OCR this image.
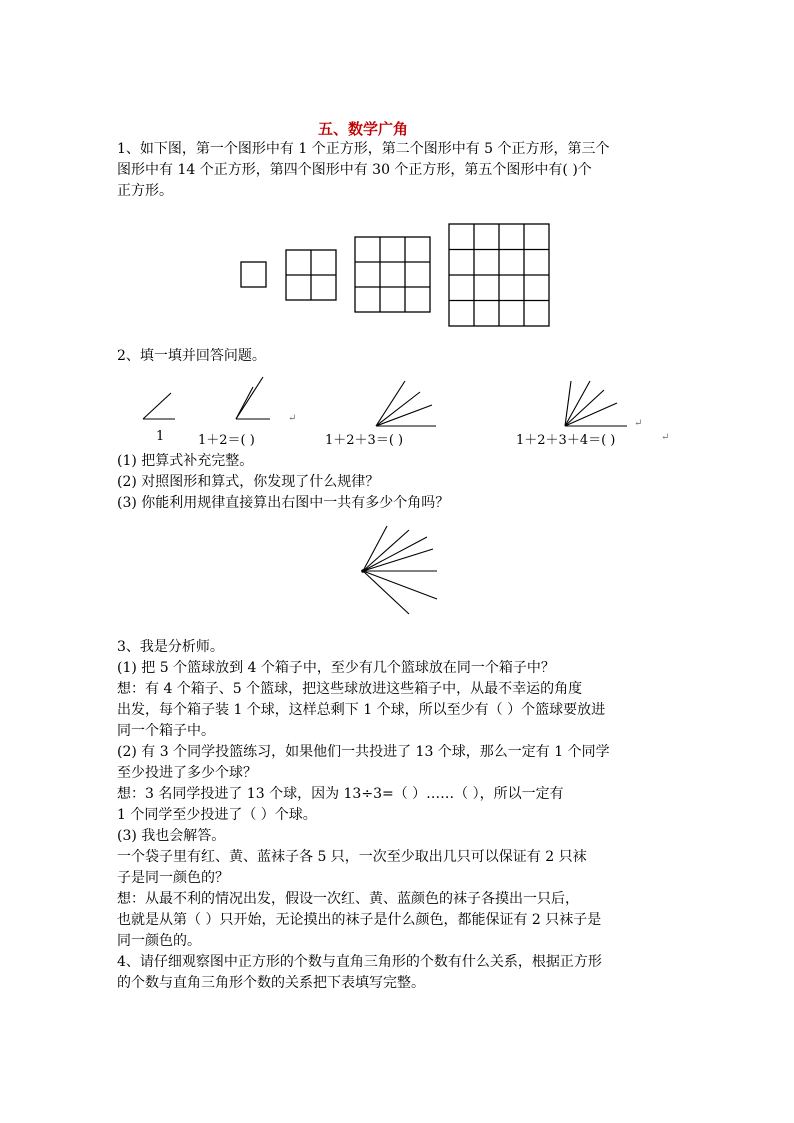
五、数学广角
1、如下图，第一个图形中有 1 个正方形，第二个图形中有 5 个正方形，第三个
图形中有 14 个正方形，第四个图形中有 30 个正方形，第五个图形中有( )个
正方形。
2、填一填并回答问题。
1	1＋2＝( )	1＋2＋3＝( )	1＋2＋3＋4＝( )
↵	↵
↵
(1) 把算式补充完整。
(2) 对照图形和算式，你发现了什么规律？
(3) 你能利用规律直接算出右图中一共有多少个角吗？
3、我是分析师。
(1) 把 5 个篮球放到 4 个箱子中，至少有几个篮球放在同一个箱子中？
想：有 4 个箱子、5 个篮球，把这些球放进这些箱子中，从最不幸运的角度
出发，每个箱子装 1 个球，这样总剩下 1 个球，所以至少有（ ）个篮球要放进
同一个箱子中。
(2) 有 3 个同学投篮练习，如果他们一共投进了 13 个球，那么一定有 1 个同学
至少投进了多少个球？
想：3 名同学投进了 13 个球，因为 13÷3=（ ）……（ ），所以一定有
1 个同学至少投进了（ ）个球。
(3) 我也会解答。
一个袋子里有红、黄、蓝袜子各 5 只，一次至少取出几只可以保证有 2 只袜
子是同一颜色的？
想：从最不利的情况出发，假设一次红、黄、蓝颜色的袜子各摸出一只后，
也就是从第（ ）只开始，无论摸出的袜子是什么颜色，都能保证有 2 只袜子是
同一颜色的。
4、请仔细观察图中正方形的个数与直角三角形的个数有什么关系，根据正方形
的个数与直角三角形个数的关系把下表填写完整。
